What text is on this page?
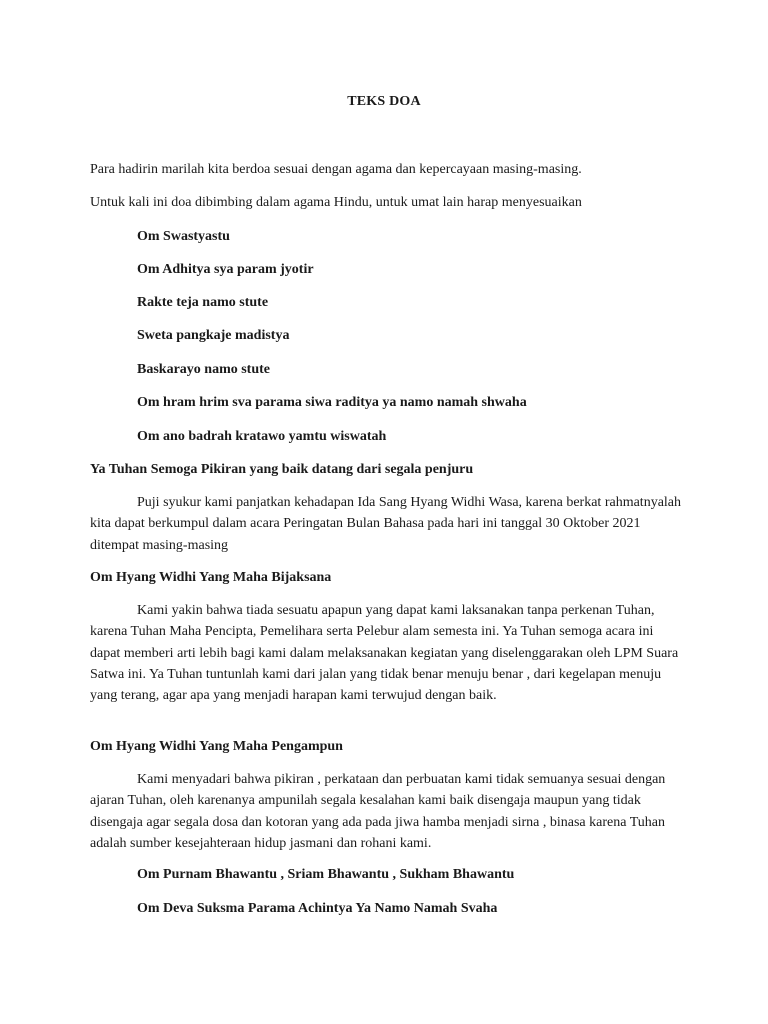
TEKS DOA
Para hadirin marilah kita berdoa sesuai dengan agama dan kepercayaan masing-masing.
Untuk kali ini doa dibimbing dalam agama Hindu, untuk umat lain harap menyesuaikan
Om Swastyastu
Om Adhitya sya param jyotir
Rakte teja namo stute
Sweta pangkaje madistya
Baskarayo namo stute
Om hram hrim sva parama siwa raditya ya namo namah shwaha
Om ano badrah kratawo yamtu wiswatah
Ya Tuhan Semoga Pikiran yang baik datang dari segala penjuru
Puji syukur kami panjatkan kehadapan Ida Sang Hyang Widhi Wasa, karena berkat rahmatnyalah kita dapat berkumpul dalam acara Peringatan Bulan Bahasa pada hari ini tanggal 30 Oktober 2021 ditempat masing-masing
Om Hyang Widhi Yang Maha Bijaksana
Kami yakin bahwa tiada sesuatu apapun yang dapat kami laksanakan tanpa perkenan Tuhan, karena Tuhan Maha Pencipta, Pemelihara serta Pelebur alam semesta ini. Ya Tuhan semoga acara ini dapat memberi arti lebih bagi kami dalam melaksanakan kegiatan yang diselenggarakan oleh LPM Suara Satwa ini. Ya Tuhan tuntunlah kami dari jalan yang tidak benar menuju benar , dari kegelapan menuju yang terang, agar apa yang menjadi harapan kami terwujud dengan baik.
Om Hyang Widhi Yang Maha Pengampun
Kami menyadari bahwa pikiran , perkataan dan perbuatan kami tidak semuanya sesuai dengan ajaran Tuhan, oleh karenanya ampunilah segala kesalahan kami baik disengaja maupun yang tidak disengaja agar segala dosa dan kotoran yang ada pada jiwa hamba menjadi sirna , binasa karena Tuhan adalah sumber kesejahteraan hidup jasmani dan rohani kami.
Om Purnam Bhawantu , Sriam Bhawantu , Sukham Bhawantu
Om Deva Suksma Parama Achintya Ya Namo Namah Svaha
